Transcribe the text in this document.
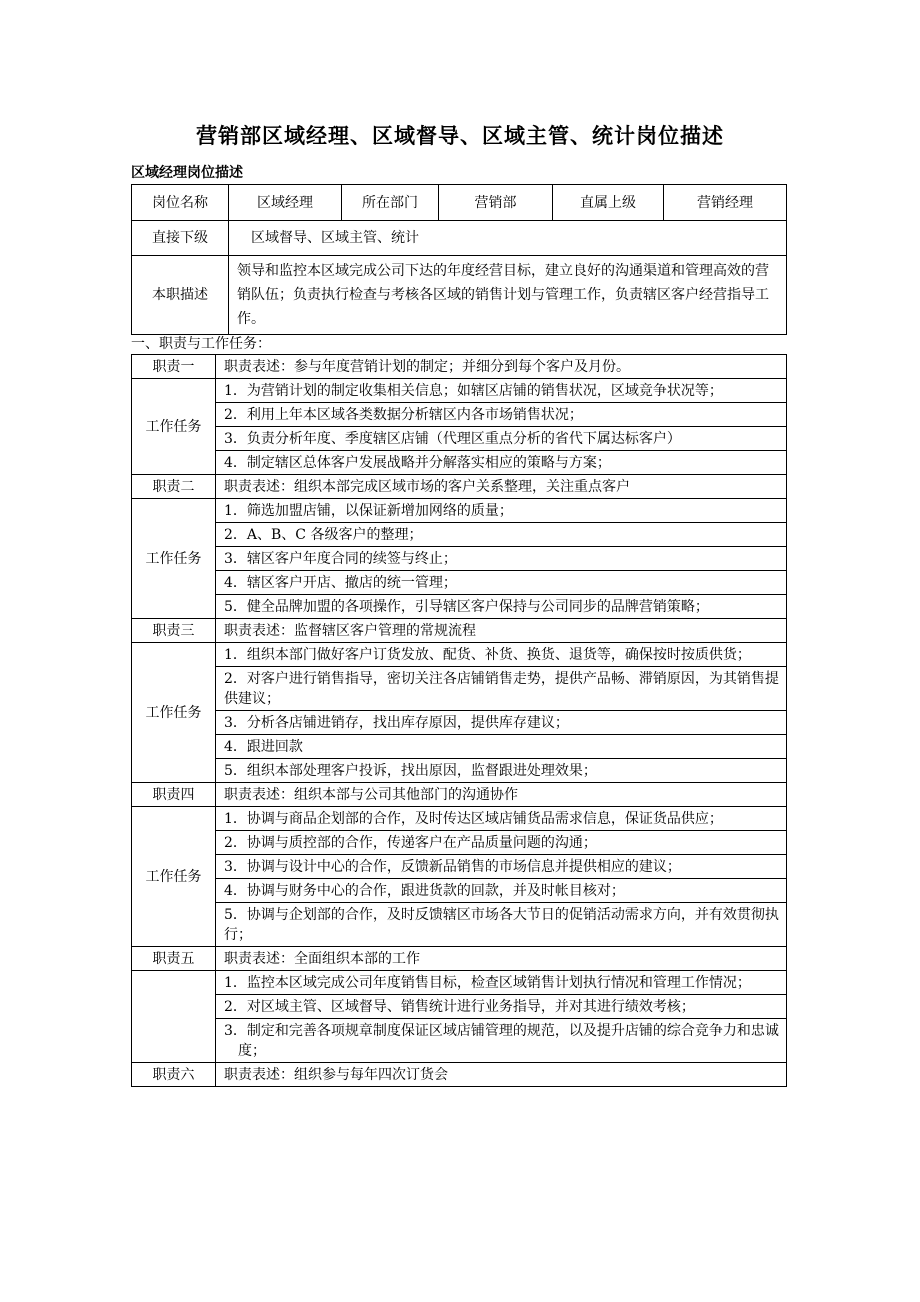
营销部区域经理、区域督导、区域主管、统计岗位描述
区域经理岗位描述
岗位名称	区域经理	所在部门	营销部	直属上级	营销经理
直接下级	区域督导、区域主管、统计				
本职描述	领导和监控本区域完成公司下达的年度经营目标，建立良好的沟通渠道和管理高效的营销队伍；负责执行检查与考核各区域的销售计划与管理工作，负责辖区客户经营指导工作。				
一、职责与工作任务：
职责一	职责表述：参与年度营销计划的制定；并细分到每个客户及月份。
工作任务	1．为营销计划的制定收集相关信息；如辖区店铺的销售状况，区域竞争状况等；
	2．利用上年本区域各类数据分析辖区内各市场销售状况；
	3．负责分析年度、季度辖区店铺（代理区重点分析的省代下属达标客户）
	4．制定辖区总体客户发展战略并分解落实相应的策略与方案；
职责二	职责表述：组织本部完成区域市场的客户关系整理，关注重点客户
工作任务	1．筛选加盟店铺，以保证新增加网络的质量；
	2．A、B、C 各级客户的整理；
	3．辖区客户年度合同的续签与终止；
	4．辖区客户开店、撤店的统一管理；
	5．健全品牌加盟的各项操作，引导辖区客户保持与公司同步的品牌营销策略；
职责三	职责表述：监督辖区客户管理的常规流程
工作任务	1．组织本部门做好客户订货发放、配货、补货、换货、退货等，确保按时按质供货；
	2．对客户进行销售指导，密切关注各店铺销售走势，提供产品畅、滞销原因，为其销售提供建议；
	3．分析各店铺进销存，找出库存原因，提供库存建议；
	4．跟进回款
	5．组织本部处理客户投诉，找出原因，监督跟进处理效果；
职责四	职责表述：组织本部与公司其他部门的沟通协作
工作任务	1．协调与商品企划部的合作，及时传达区域店铺货品需求信息，保证货品供应；
	2．协调与质控部的合作，传递客户在产品质量问题的沟通；
	3．协调与设计中心的合作，反馈新品销售的市场信息并提供相应的建议；
	4．协调与财务中心的合作，跟进货款的回款，并及时帐目核对；
	5．协调与企划部的合作，及时反馈辖区市场各大节日的促销活动需求方向，并有效贯彻执行；
职责五	职责表述：全面组织本部的工作
	1．监控本区域完成公司年度销售目标，检查区域销售计划执行情况和管理工作情况；
	2．对区域主管、区域督导、销售统计进行业务指导，并对其进行绩效考核；
	3．制定和完善各项规章制度保证区域店铺管理的规范，以及提升店铺的综合竞争力和忠诚度；
职责六	职责表述：组织参与每年四次订货会
